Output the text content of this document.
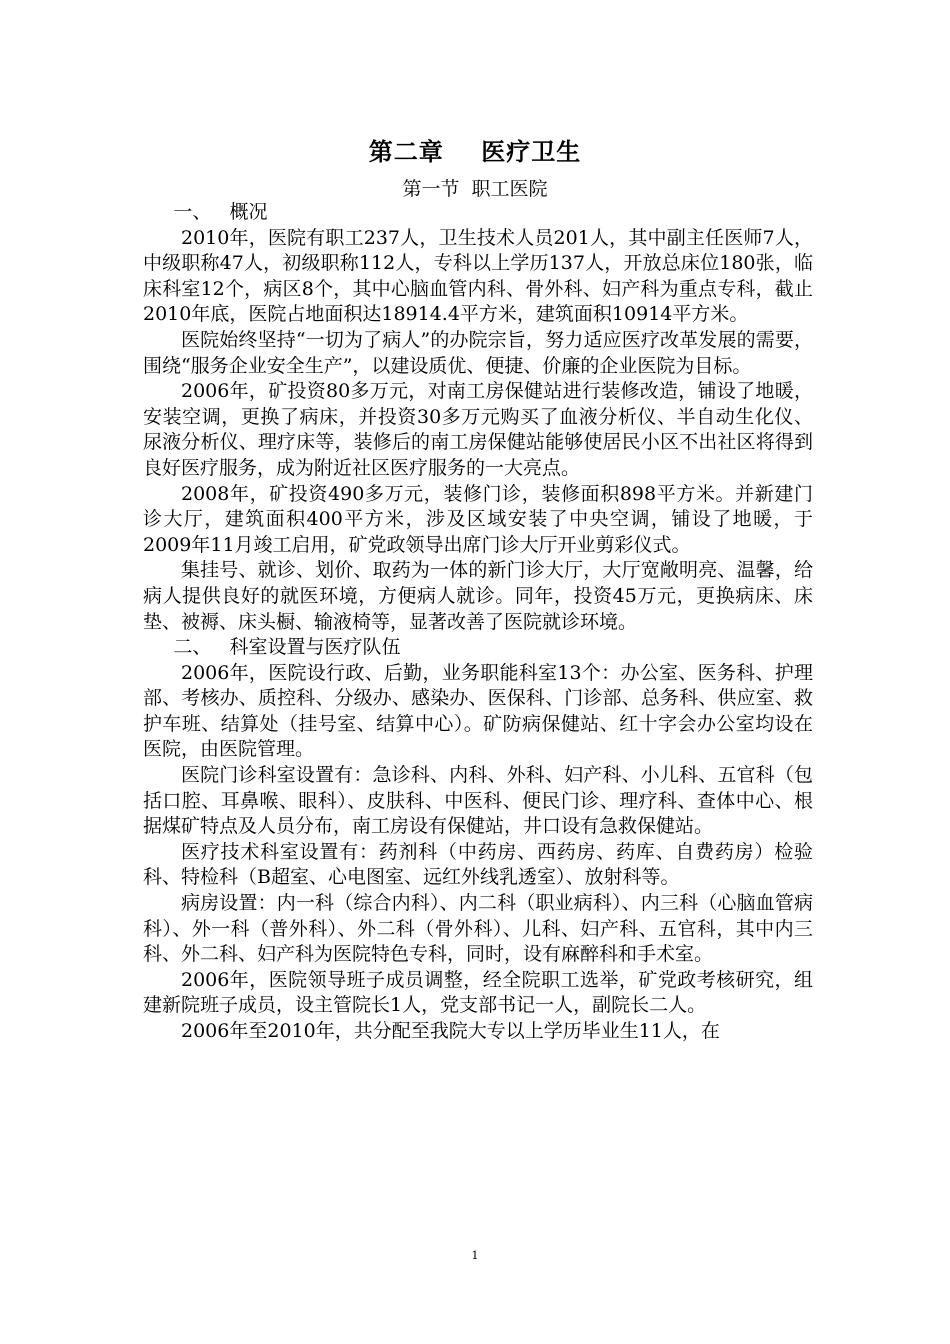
第二章    医疗卫生
第一节  职工医院

一、   概况

2010年，医院有职工237人，卫生技术人员201人，其中副主任医师7人，中级职称47人，初级职称112人，专科以上学历137人，开放总床位180张，临床科室12个，病区8个，其中心脑血管内科、骨外科、妇产科为重点专科，截止2010年底，医院占地面积达18914.4平方米，建筑面积10914平方米。

医院始终坚持“一切为了病人”的办院宗旨，努力适应医疗改革发展的需要，围绕“服务企业安全生产”，以建设质优、便捷、价廉的企业医院为目标。

2006年，矿投资80多万元，对南工房保健站进行装修改造，铺设了地暖，安装空调，更换了病床，并投资30多万元购买了血液分析仪、半自动生化仪、尿液分析仪、理疗床等，装修后的南工房保健站能够使居民小区不出社区将得到良好医疗服务，成为附近社区医疗服务的一大亮点。

2008年，矿投资490多万元，装修门诊，装修面积898平方米。并新建门诊大厅，建筑面积400平方米，涉及区域安装了中央空调，铺设了地暖，于2009年11月竣工启用，矿党政领导出席门诊大厅开业剪彩仪式。

集挂号、就诊、划价、取药为一体的新门诊大厅，大厅宽敞明亮、温馨，给病人提供良好的就医环境，方便病人就诊。同年，投资45万元，更换病床、床垫、被褥、床头橱、输液椅等，显著改善了医院就诊环境。

二、   科室设置与医疗队伍

2006年，医院设行政、后勤，业务职能科室13个：办公室、医务科、护理部、考核办、质控科、分级办、感染办、医保科、门诊部、总务科、供应室、救护车班、结算处（挂号室、结算中心）。矿防病保健站、红十字会办公室均设在医院，由医院管理。

医院门诊科室设置有：急诊科、内科、外科、妇产科、小儿科、五官科（包括口腔、耳鼻喉、眼科）、皮肤科、中医科、便民门诊、理疗科、查体中心、根据煤矿特点及人员分布，南工房设有保健站，井口设有急救保健站。

医疗技术科室设置有：药剂科（中药房、西药房、药库、自费药房）检验科、特检科（B超室、心电图室、远红外线乳透室）、放射科等。

病房设置：内一科（综合内科）、内二科（职业病科）、内三科（心脑血管病科）、外一科（普外科）、外二科（骨外科）、儿科、妇产科、五官科，其中内三科、外二科、妇产科为医院特色专科，同时，设有麻醉科和手术室。

2006年，医院领导班子成员调整，经全院职工选举，矿党政考核研究，组建新院班子成员，设主管院长1人，党支部书记一人，副院长二人。

2006年至2010年，共分配至我院大专以上学历毕业生11人，在

1
